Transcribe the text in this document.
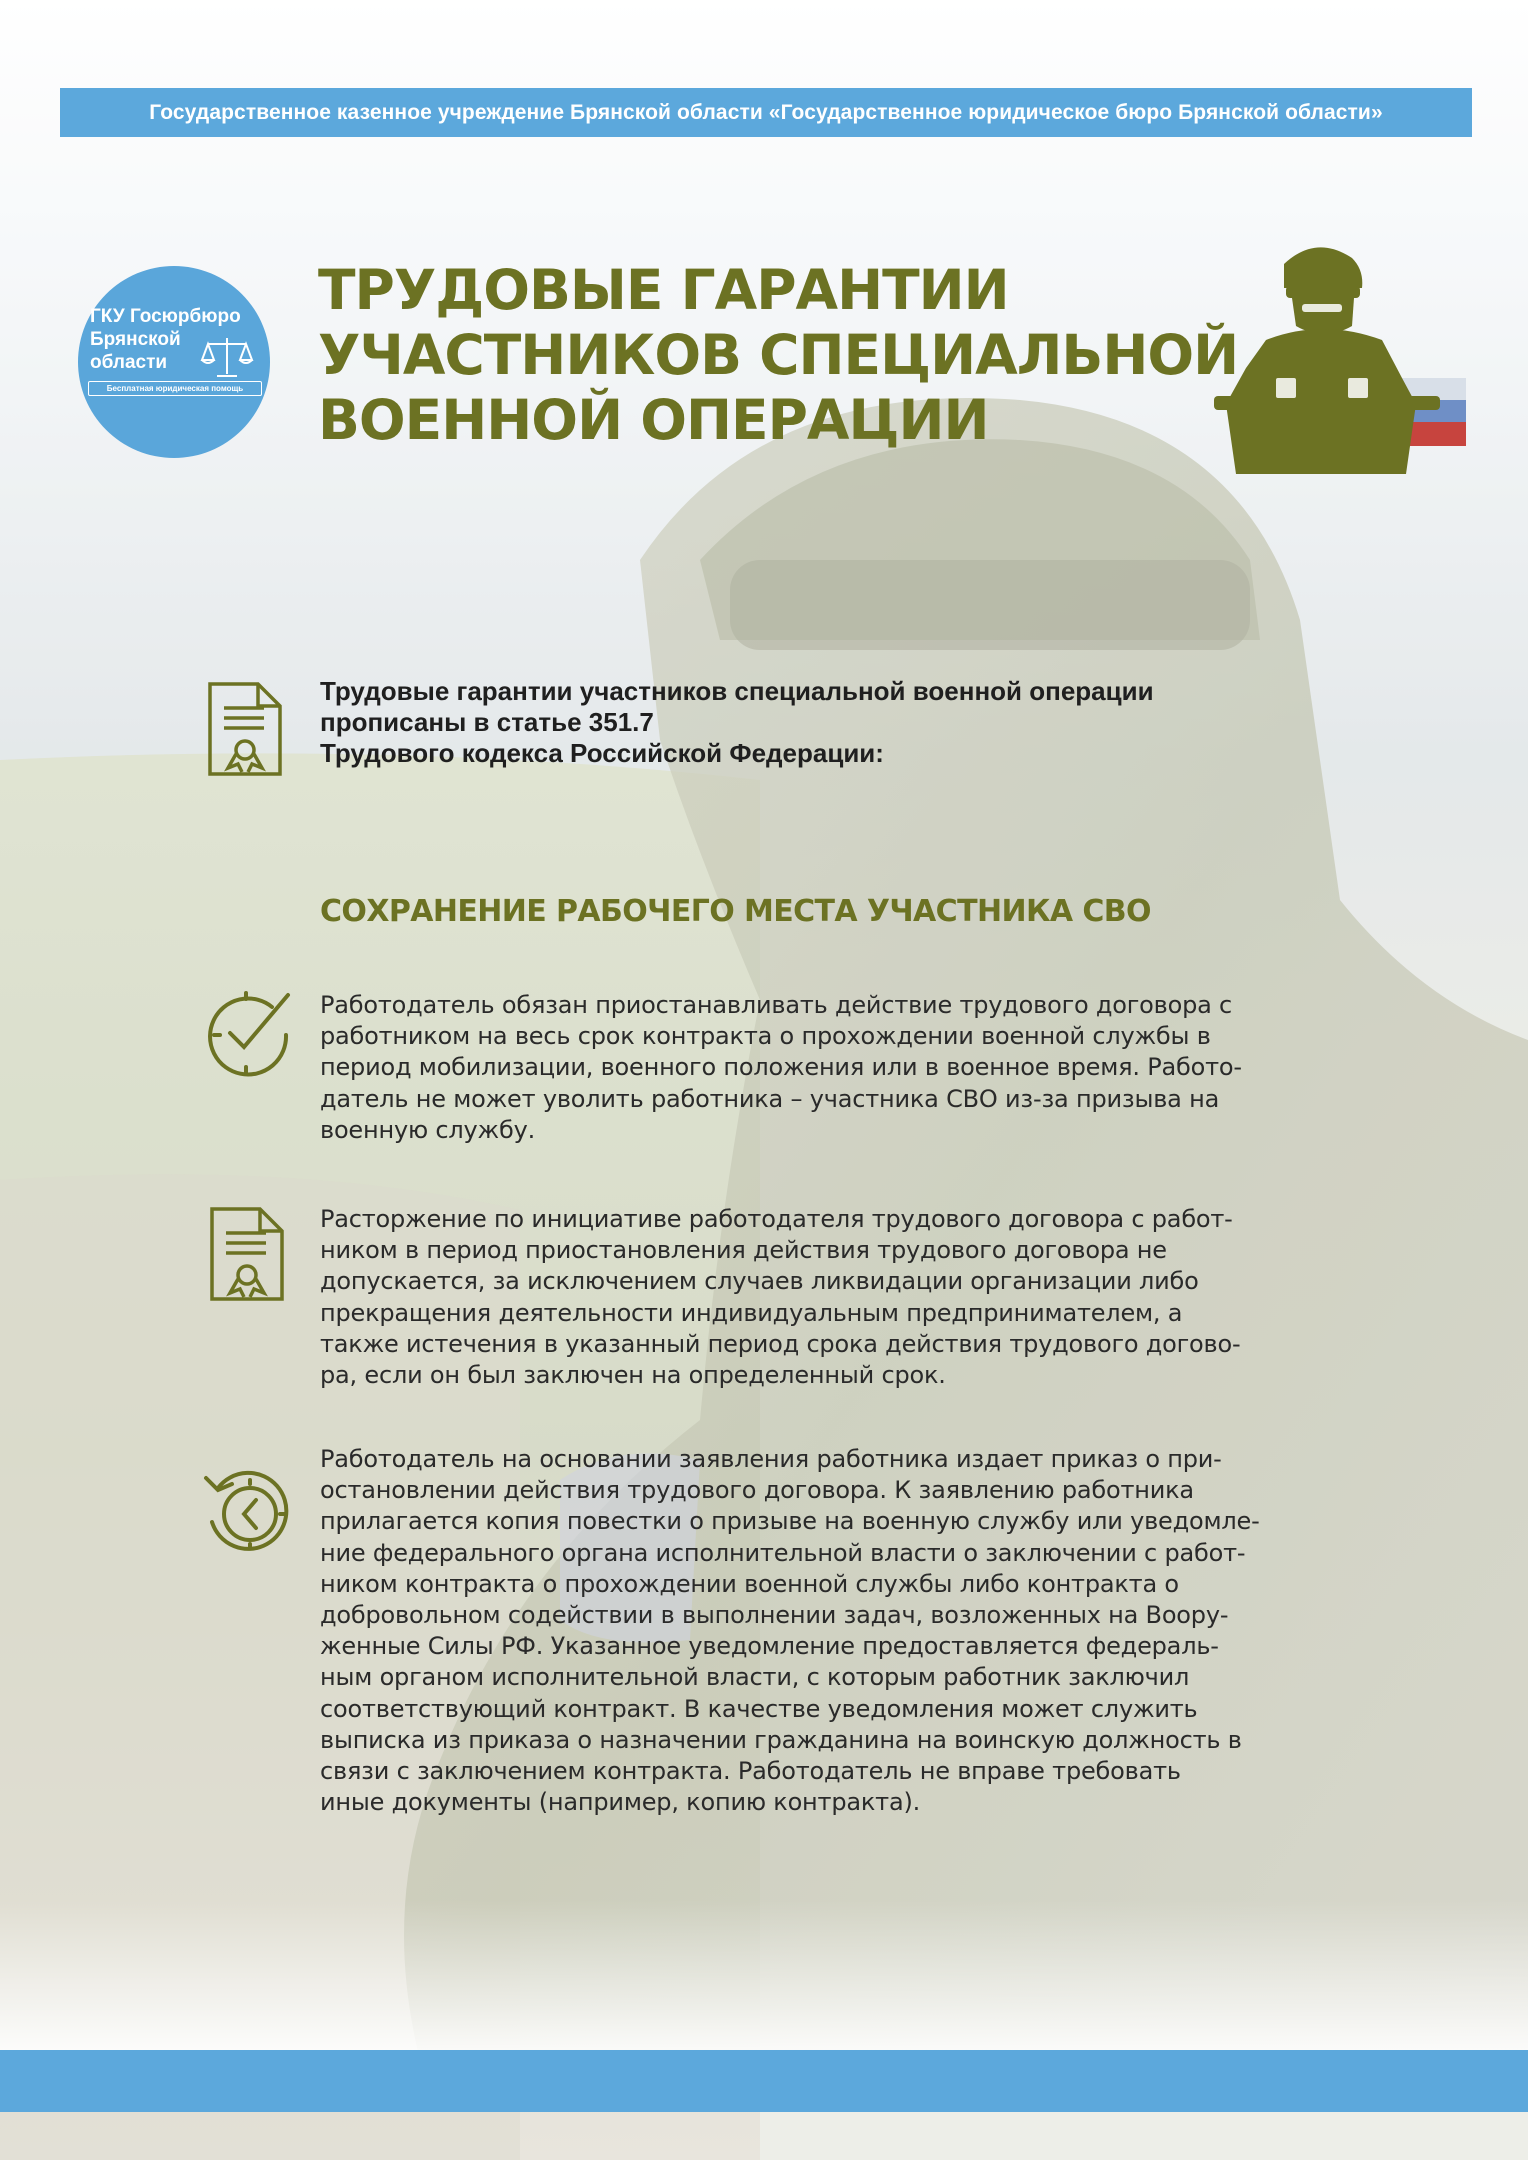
Государственное казенное учреждение Брянской области «Государственное юридическое бюро Брянской области»
ГКУ Госюрбюро
Брянской
области
Бесплатная юридическая помощь
ТРУДОВЫЕ ГАРАНТИИ
УЧАСТНИКОВ СПЕЦИАЛЬНОЙ
ВОЕННОЙ ОПЕРАЦИИ
Трудовые гарантии участников специальной военной операции
прописаны в статье 351.7
Трудового кодекса Российской Федерации:
СОХРАНЕНИЕ РАБОЧЕГО МЕСТА УЧАСТНИКА СВО
Работодатель обязан приостанавливать действие трудового договора с
работником на весь срок контракта о прохождении военной службы в
период мобилизации, военного положения или в военное время. Работо-
датель не может уволить работника – участника СВО из-за призыва на
военную службу.
Расторжение по инициативе работодателя трудового договора с работ-
ником в период приостановления действия трудового договора не
допускается, за исключением случаев ликвидации организации либо
прекращения деятельности индивидуальным предпринимателем, а
также истечения в указанный период срока действия трудового догово-
ра, если он был заключен на определенный срок.
Работодатель на основании заявления работника издает приказ о при-
остановлении действия трудового договора. К заявлению работника
прилагается копия повестки о призыве на военную службу или уведомле-
ние федерального органа исполнительной власти о заключении с работ-
ником контракта о прохождении военной службы либо контракта о
добровольном содействии в выполнении задач, возложенных на Воору-
женные Силы РФ. Указанное уведомление предоставляется федераль-
ным органом исполнительной власти, с которым работник заключил
соответствующий контракт. В качестве уведомления может служить
выписка из приказа о назначении гражданина на воинскую должность в
связи с заключением контракта. Работодатель не вправе требовать
иные документы (например, копию контракта).
